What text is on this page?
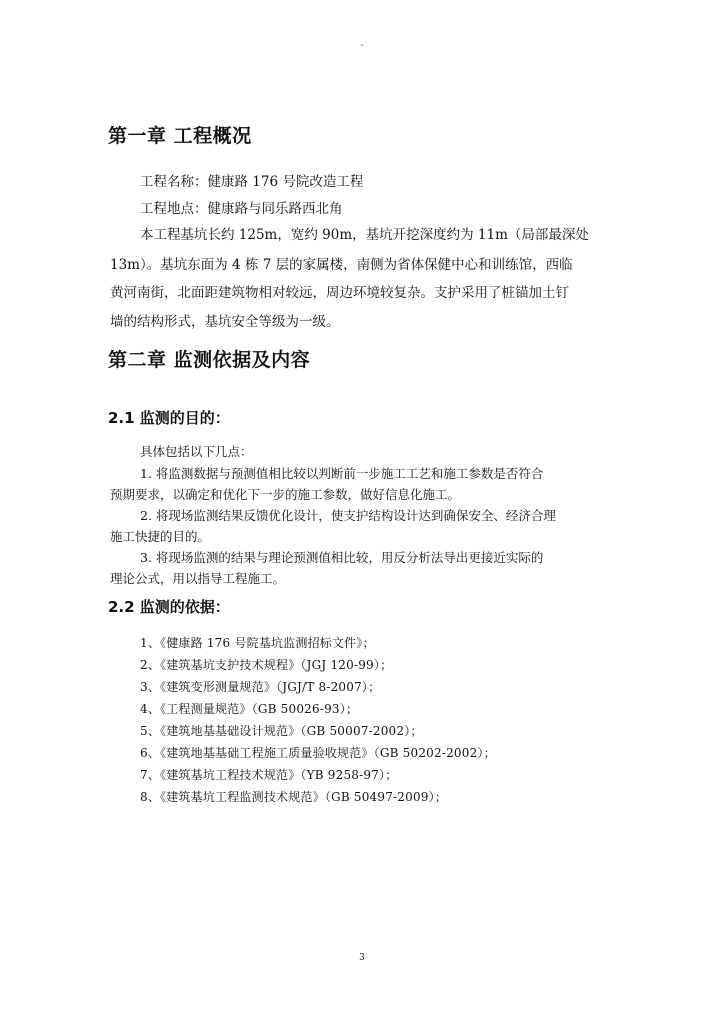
-
第一章 工程概况
工程名称：健康路 176 号院改造工程
工程地点：健康路与同乐路西北角
本工程基坑长约 125m，宽约 90m，基坑开挖深度约为 11m（局部最深处
13m）。基坑东面为 4 栋 7 层的家属楼，南侧为省体保健中心和训练馆，西临
黄河南街，北面距建筑物相对较远，周边环境较复杂。支护采用了桩锚加土钉
墙的结构形式，基坑安全等级为一级。
第二章 监测依据及内容
2.1 监测的目的：
具体包括以下几点：
1. 将监测数据与预测值相比较以判断前一步施工工艺和施工参数是否符合
预期要求，以确定和优化下一步的施工参数，做好信息化施工。
2. 将现场监测结果反馈优化设计，使支护结构设计达到确保安全、经济合理
施工快捷的目的。
3. 将现场监测的结果与理论预测值相比较，用反分析法导出更接近实际的
理论公式，用以指导工程施工。
2.2 监测的依据：
1、《健康路 176 号院基坑监测招标文件》；
2、《建筑基坑支护技术规程》（JGJ 120-99）；
3、《建筑变形测量规范》（JGJ/T 8-2007）；
4、《工程测量规范》（GB 50026-93）；
5、《建筑地基基础设计规范》（GB 50007-2002）；
6、《建筑地基基础工程施工质量验收规范》（GB 50202-2002）；
7、《建筑基坑工程技术规范》（YB 9258-97）；
8、《建筑基坑工程监测技术规范》（GB 50497-2009）；
3
